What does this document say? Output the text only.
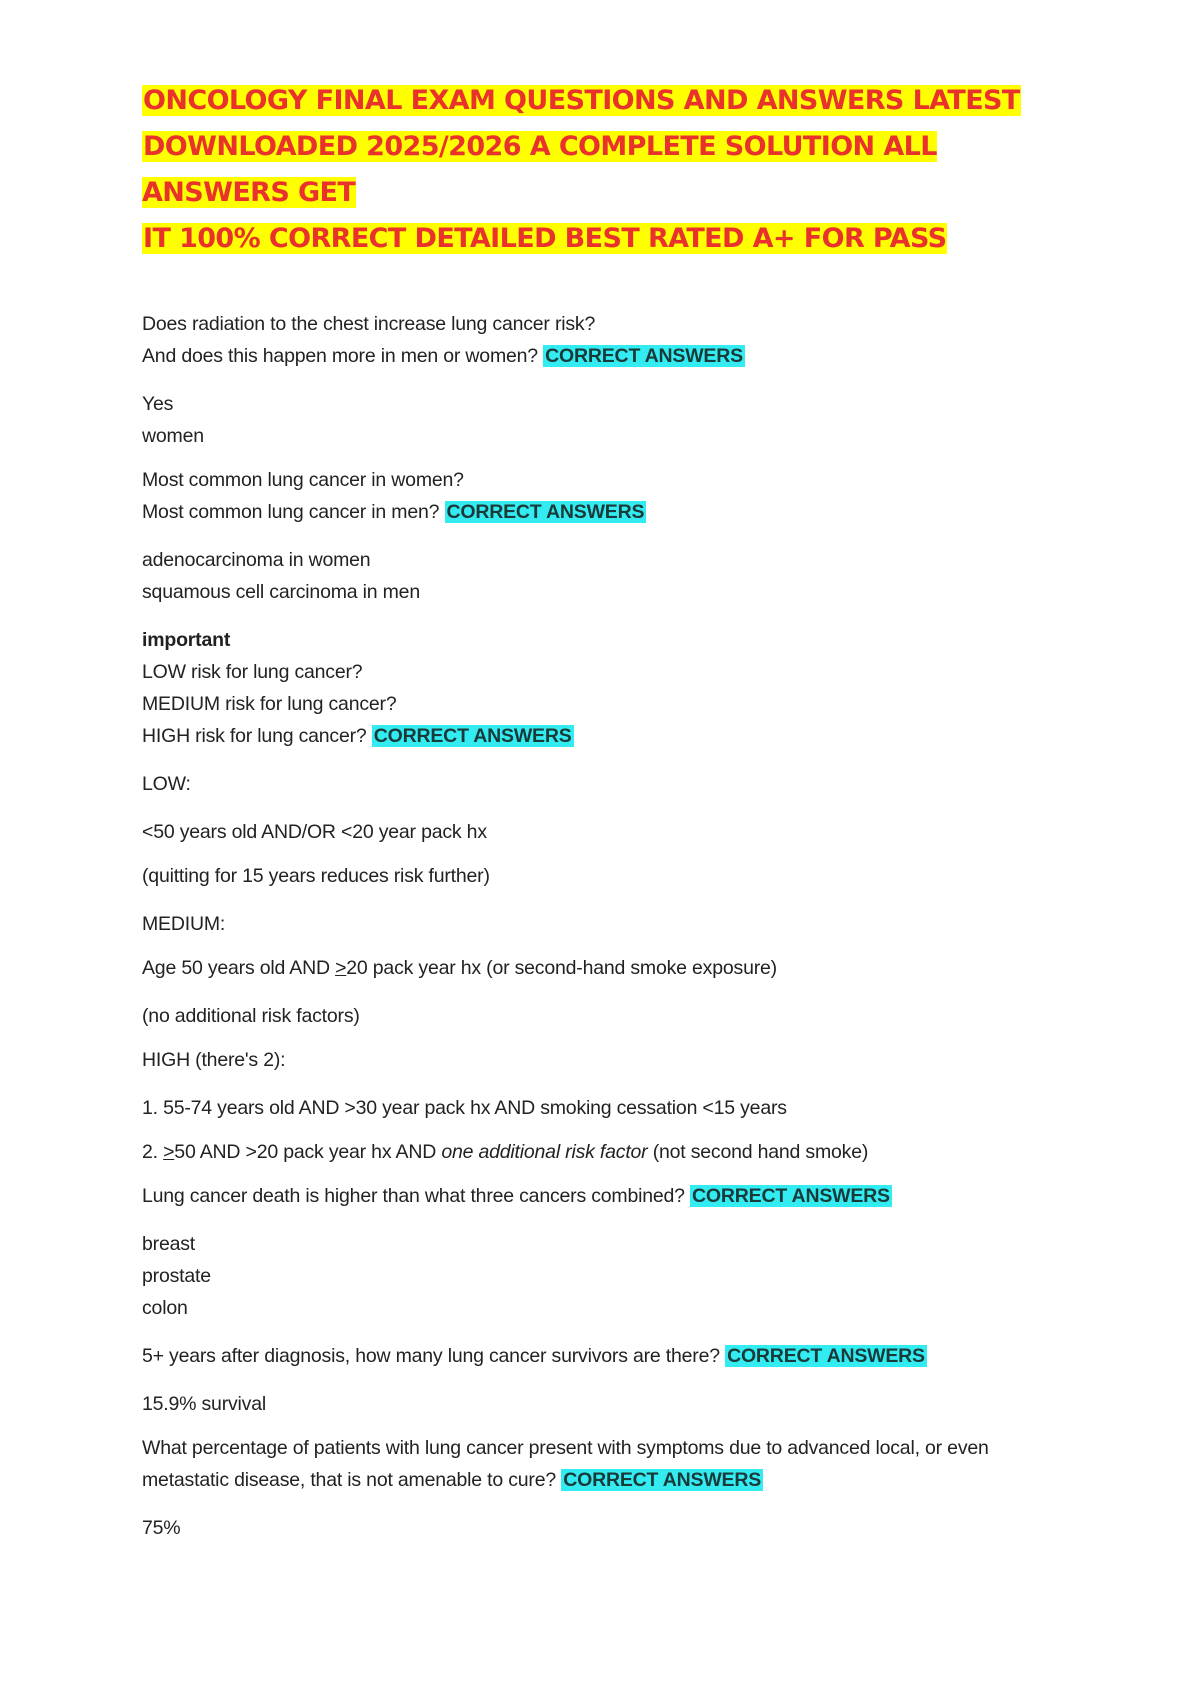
ONCOLOGY FINAL EXAM QUESTIONS AND ANSWERS LATEST
DOWNLOADED 2025/2026 A COMPLETE SOLUTION ALL ANSWERS GET
IT 100% CORRECT DETAILED BEST RATED A+ FOR PASS

Does radiation to the chest increase lung cancer risk?

And does this happen more in men or women? CORRECT ANSWERS

Yes

women

Most common lung cancer in women?

Most common lung cancer in men? CORRECT ANSWERS

adenocarcinoma in women

squamous cell carcinoma in men

important

LOW risk for lung cancer?

MEDIUM risk for lung cancer?

HIGH risk for lung cancer? CORRECT ANSWERS

LOW:

<50 years old AND/OR <20 year pack hx

(quitting for 15 years reduces risk further)

MEDIUM:

Age 50 years old AND >20 pack year hx (or second-hand smoke exposure)

(no additional risk factors)

HIGH (there's 2):

1. 55-74 years old AND >30 year pack hx AND smoking cessation <15 years

2. >50 AND >20 pack year hx AND one additional risk factor (not second hand smoke)

Lung cancer death is higher than what three cancers combined? CORRECT ANSWERS

breast

prostate

colon

5+ years after diagnosis, how many lung cancer survivors are there? CORRECT ANSWERS

15.9% survival

What percentage of patients with lung cancer present with symptoms due to advanced local, or even

metastatic disease, that is not amenable to cure? CORRECT ANSWERS

75%
